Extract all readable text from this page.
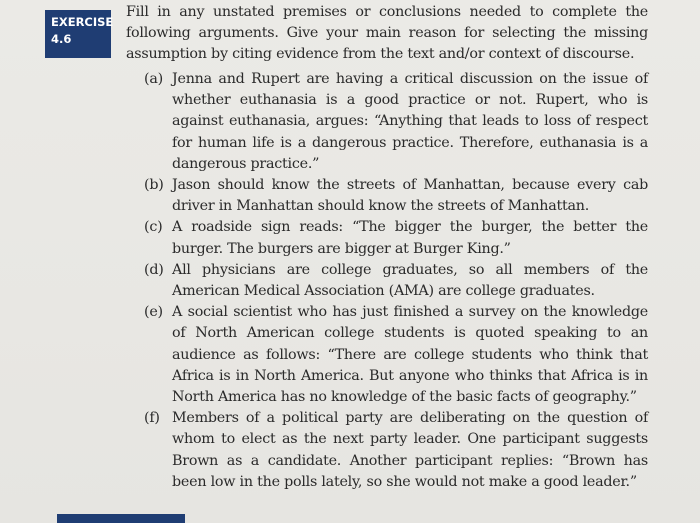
EXERCISE
4.6
Fill in any unstated premises or conclusions needed to complete the following arguments. Give your main reason for selecting the missing assumption by citing evidence from the text and/or context of discourse.
(a) Jenna and Rupert are having a critical discussion on the issue of whether euthanasia is a good practice or not. Rupert, who is against euthanasia, argues: “Anything that leads to loss of respect for human life is a dangerous practice. Therefore, euthanasia is a dangerous practice.”
(b) Jason should know the streets of Manhattan, because every cab driver in Manhattan should know the streets of Manhattan.
(c) A roadside sign reads: “The bigger the burger, the better the burger. The burgers are bigger at Burger King.”
(d) All physicians are college graduates, so all members of the American Medical Association (AMA) are college graduates.
(e) A social scientist who has just finished a survey on the knowledge of North American college students is quoted speaking to an audience as follows: “There are college students who think that Africa is in North America. But anyone who thinks that Africa is in North America has no knowledge of the basic facts of geography.”
(f) Members of a political party are deliberating on the question of whom to elect as the next party leader. One participant suggests Brown as a candidate. Another participant replies: “Brown has been low in the polls lately, so she would not make a good leader.”
